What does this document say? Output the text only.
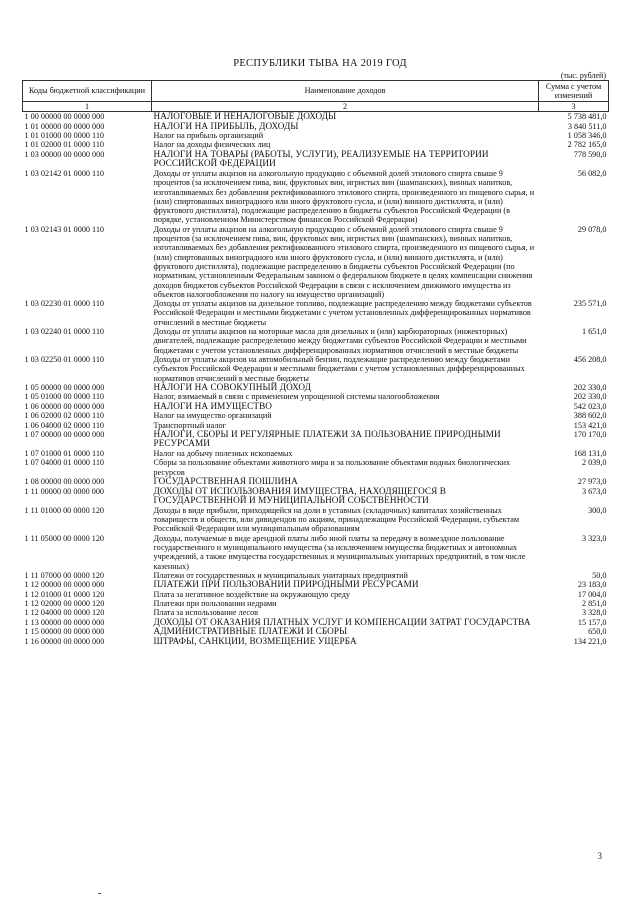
РЕСПУБЛИКИ ТЫВА НА 2019 ГОД
(тыс. рублей)
Коды бюджетной классификации	Наименование доходов	Сумма с учетом изменений
1	2	3
1 00 00000 00 0000 000	НАЛОГОВЫЕ И НЕНАЛОГОВЫЕ ДОХОДЫ	5 738 481,0
1 01 00000 00 0000 000	НАЛОГИ НА ПРИБЫЛЬ, ДОХОДЫ	3 840 511,0
1 01 01000 00 0000 110	Налог на прибыль организаций	1 058 346,0
1 01 02000 01 0000 110	Налог на доходы физических лиц	2 782 165,0
1 03 00000 00 0000 000	НАЛОГИ НА ТОВАРЫ (РАБОТЫ, УСЛУГИ), РЕАЛИЗУЕМЫЕ НА ТЕРРИТОРИИ РОССИЙСКОЙ ФЕДЕРАЦИИ	778 590,0
1 03 02142 01 0000 110	Доходы от уплаты акцизов на алкогольную продукцию с объемной долей этилового спирта свыше 9 процентов (за исключением пива, вин, фруктовых вин, игристых вин (шампанских), винных напитков, изготавливаемых без добавления ректификованного этилового спирта, произведенного из пищевого сырья, и (или) спиртованных виноградного или иного фруктового сусла, и (или) винного дистиллята, и (или) фруктового дистиллята), подлежащие распределению в бюджеты субъектов Российской Федерации (в порядке, установленном Министерством финансов Российской Федерации)	56 082,0
1 03 02143 01 0000 110	Доходы от уплаты акцизов на алкогольную продукцию с объемной долей этилового спирта свыше 9 процентов (за исключением пива, вин, фруктовых вин, игристых вин (шампанских), винных напитков, изготавливаемых без добавления ректификованного этилового спирта, произведенного из пищевого сырья, и (или) спиртованных виноградного или иного фруктового сусла, и (или) винного дистиллята, и (или) фруктового дистиллята), подлежащие распределению в бюджеты субъектов Российской Федерации (по нормативам, установленным Федеральным законом о федеральном бюджете в целях компенсации снижения доходов бюджетов субъектов Российской Федерации в связи с исключением движимого имущества из объектов налогообложения по налогу на имущество организаций)	29 078,0
1 03 02230 01 0000 110	Доходы от уплаты акцизов на дизельное топливо, подлежащие распределению между бюджетами субъектов Российской Федерации и местными бюджетами с учетом установленных дифференцированных нормативов отчислений в местные бюджеты	235 571,0
1 03 02240 01 0000 110	Доходы от уплаты акцизов на моторные масла для дизельных и (или) карбюраторных (инжекторных) двигателей, подлежащие распределению между бюджетами субъектов Российской Федерации и местными бюджетами с учетом установленных дифференцированных нормативов отчислений в местные бюджеты	1 651,0
1 03 02250 01 0000 110	Доходы от уплаты акцизов на автомобильный бензин, подлежащие распределению между бюджетами субъектов Российской Федерации и местными бюджетами с учетом установленных дифференцированных нормативов отчислений в местные бюджеты	456 208,0
1 05 00000 00 0000 000	НАЛОГИ НА СОВОКУПНЫЙ ДОХОД	202 330,0
1 05 01000 00 0000 110	Налог, взимаемый в связи с применением упрощенной системы налогообложения	202 330,0
1 06 00000 00 0000 000	НАЛОГИ НА ИМУЩЕСТВО	542 023,0
1 06 02000 02 0000 110	Налог на имущество организаций	388 602,0
1 06 04000 02 0000 110	Транспортный налог	153 421,0
1 07 00000 00 0000 000	НАЛОГИ, СБОРЫ И РЕГУЛЯРНЫЕ ПЛАТЕЖИ ЗА ПОЛЬЗОВАНИЕ ПРИРОДНЫМИ РЕСУРСАМИ	170 170,0
1 07 01000 01 0000 110	Налог на добычу полезных ископаемых	168 131,0
1 07 04000 01 0000 110	Сборы за пользование объектами животного мира и за пользование объектами водных биологических ресурсов	2 039,0
1 08 00000 00 0000 000	ГОСУДАРСТВЕННАЯ ПОШЛИНА	27 973,0
1 11 00000 00 0000 000	ДОХОДЫ ОТ ИСПОЛЬЗОВАНИЯ ИМУЩЕСТВА, НАХОДЯЩЕГОСЯ В ГОСУДАРСТВЕННОЙ И МУНИЦИПАЛЬНОЙ СОБСТВЕННОСТИ	3 673,0
1 11 01000 00 0000 120	Доходы в виде прибыли, приходящейся на доли в уставных (складочных) капиталах хозяйственных товариществ и обществ, или дивидендов по акциям, принадлежащим Российской Федерации, субъектам Российской Федерации или муниципальным образованиям	300,0
1 11 05000 00 0000 120	Доходы, получаемые в виде арендной платы либо иной платы за передачу в возмездное пользование государственного и муниципального имущества (за исключением имущества бюджетных и автономных учреждений, а также имущества государственных и муниципальных унитарных предприятий, в том числе казенных)	3 323,0
1 11 07000 00 0000 120	Платежи от государственных и муниципальных унитарных предприятий	50,0
1 12 00000 00 0000 000	ПЛАТЕЖИ ПРИ ПОЛЬЗОВАНИИ ПРИРОДНЫМИ РЕСУРСАМИ	23 183,0
1 12 01000 01 0000 120	Плата за негативное воздействие на окружающую среду	17 004,0
1 12 02000 00 0000 120	Платежи при пользовании недрами	2 851,0
1 12 04000 00 0000 120	Плата за использование лесов	3 328,0
1 13 00000 00 0000 000	ДОХОДЫ ОТ ОКАЗАНИЯ ПЛАТНЫХ УСЛУГ И КОМПЕНСАЦИИ ЗАТРАТ ГОСУДАРСТВА	15 157,0
1 15 00000 00 0000 000	АДМИНИСТРАТИВНЫЕ ПЛАТЕЖИ И СБОРЫ	650,0
1 16 00000 00 0000 000	ШТРАФЫ, САНКЦИИ, ВОЗМЕЩЕНИЕ УЩЕРБА	134 221,0
3
